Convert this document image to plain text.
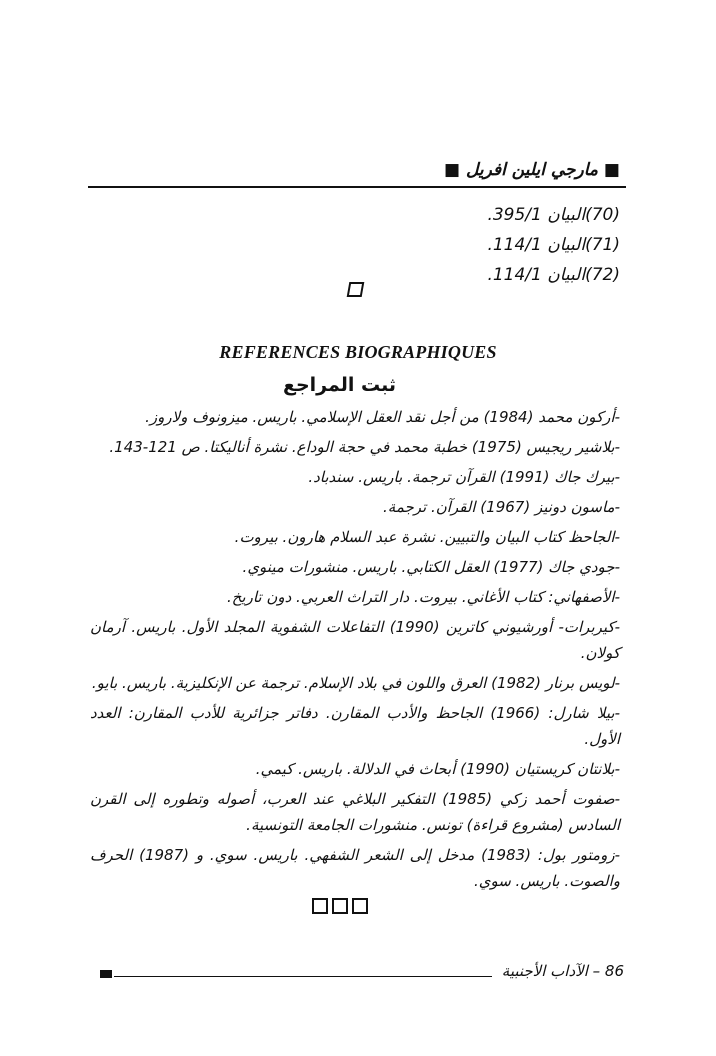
■ مارجي ايلين افريل ■

(70)البيان 395/1.

(71)البيان 114/1.

(72)البيان 114/1.

REFERENCES BIOGRAPHIQUES
ثبت المراجع

-أركون محمد (1984) من أجل نقد العقل الإسلامي. باريس. ميزونوف ولاروز.

-بلاشير ريجيس (1975) خطبة محمد في حجة الوداع. نشرة أناليكتا. ص 121-143.

-بيرك جاك (1991) القرآن ترجمة. باريس. سندباد.

-ماسون دونيز (1967) القرآن. ترجمة.

-الجاحظ كتاب البيان والتبيين. نشرة عبد السلام هارون. بيروت.

-جودي جاك (1977) العقل الكتابي. باريس. منشورات مينوي.

-الأصفهاني: كتاب الأغاني. بيروت. دار التراث العربي. دون تاريخ.

-كيربرات- أورشيوني كاترين (1990) التفاعلات الشفوية المجلد الأول. باريس. آرمان كولان.

-لويس برنار (1982) العرق واللون في بلاد الإسلام. ترجمة عن الإنكليزية. باريس. بايو.

-بيلا شارل: (1966) الجاحظ والأدب المقارن. دفاتر جزائرية للأدب المقارن: العدد الأول.

-بلانتان كريستيان (1990) أبحاث في الدلالة. باريس. كيمي.

-صفوت أحمد زكي (1985) التفكير البلاغي عند العرب، أصوله وتطوره إلى القرن السادس (مشروع قراءة) تونس. منشورات الجامعة التونسية.

-زومتور بول: (1983) مدخل إلى الشعر الشفهي. باريس. سوي. و (1987) الحرف والصوت. باريس. سوي.

86 – الآداب الأجنبية
